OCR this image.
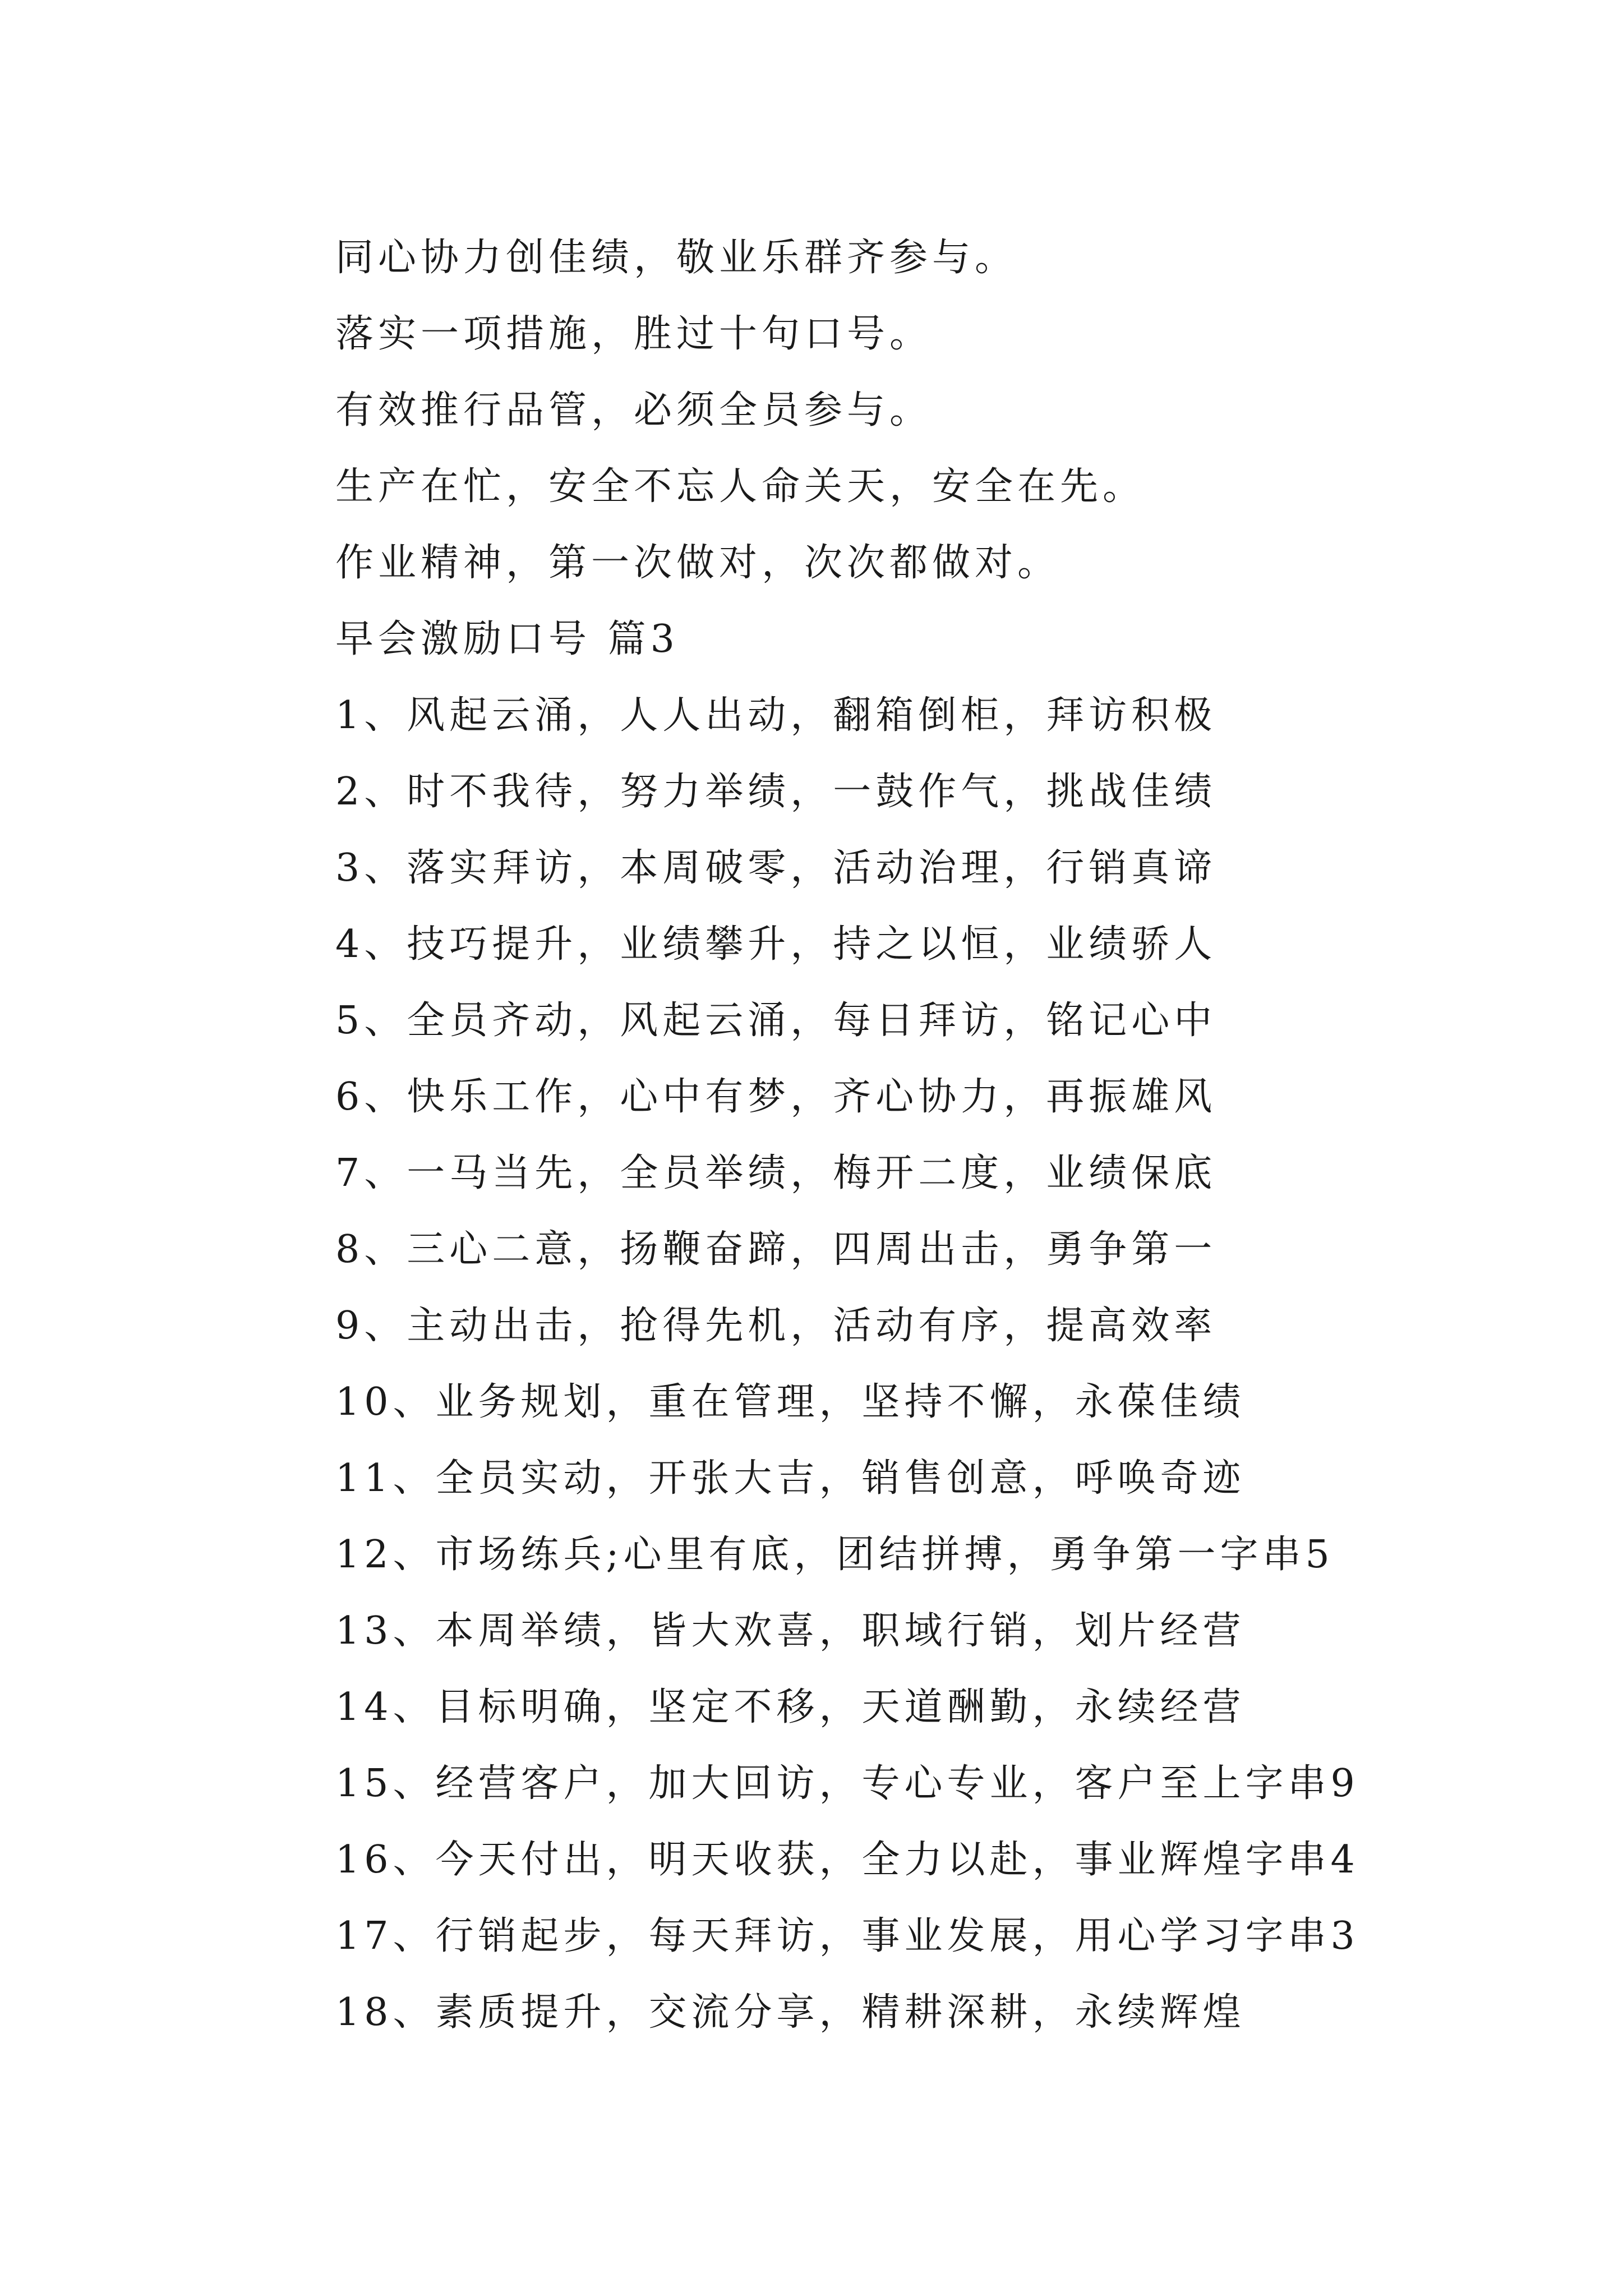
同心协力创佳绩，敬业乐群齐参与。
落实一项措施，胜过十句口号。
有效推行品管，必须全员参与。
生产在忙，安全不忘人命关天，安全在先。
作业精神，第一次做对，次次都做对。
早会激励口号 篇3
1、风起云涌，人人出动，翻箱倒柜，拜访积极
2、时不我待，努力举绩，一鼓作气，挑战佳绩
3、落实拜访，本周破零，活动治理，行销真谛
4、技巧提升，业绩攀升，持之以恒，业绩骄人
5、全员齐动，风起云涌，每日拜访，铭记心中
6、快乐工作，心中有梦，齐心协力，再振雄风
7、一马当先，全员举绩，梅开二度，业绩保底
8、三心二意，扬鞭奋蹄，四周出击，勇争第一
9、主动出击，抢得先机，活动有序，提高效率
10、业务规划，重在管理，坚持不懈，永葆佳绩
11、全员实动，开张大吉，销售创意，呼唤奇迹
12、市场练兵;心里有底，团结拼搏，勇争第一字串5
13、本周举绩，皆大欢喜，职域行销，划片经营
14、目标明确，坚定不移，天道酬勤，永续经营
15、经营客户，加大回访，专心专业，客户至上字串9
16、今天付出，明天收获，全力以赴，事业辉煌字串4
17、行销起步，每天拜访，事业发展，用心学习字串3
18、素质提升，交流分享，精耕深耕，永续辉煌
